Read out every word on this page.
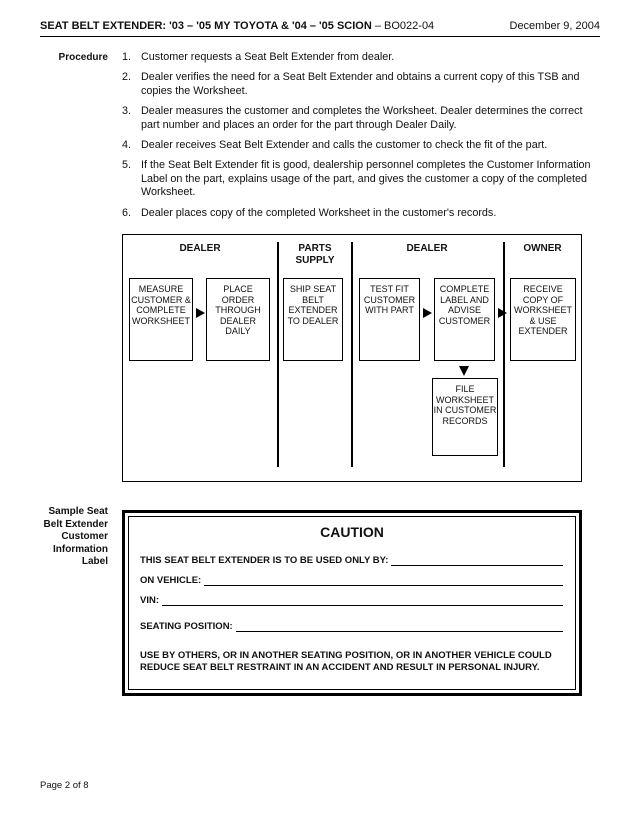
SEAT BELT EXTENDER: '03 – '05 MY TOYOTA & '04 – '05 SCION – BO022-04	December 9, 2004
Procedure 1. Customer requests a Seat Belt Extender from dealer.
2. Dealer verifies the need for a Seat Belt Extender and obtains a current copy of this TSB and copies the Worksheet.
3. Dealer measures the customer and completes the Worksheet. Dealer determines the correct part number and places an order for the part through Dealer Daily.
4. Dealer receives Seat Belt Extender and calls the customer to check the fit of the part.
5. If the Seat Belt Extender fit is good, dealership personnel completes the Customer Information Label on the part, explains usage of the part, and gives the customer a copy of the completed Worksheet.
6. Dealer places copy of the completed Worksheet in the customer's records.
DEALER	PARTS SUPPLY
DEALER	OWNER
MEASURE CUSTOMER & COMPLETE WORKSHEET
PLACE ORDER THROUGH DEALER DAILY
SHIP SEAT BELT EXTENDER TO DEALER
TEST FIT CUSTOMER WITH PART
COMPLETE LABEL AND ADVISE CUSTOMER
RECEIVE COPY OF WORKSHEET & USE EXTENDER
FILE WORKSHEET IN CUSTOMER RECORDS
Sample Seat Belt Extender Customer Information Label
CAUTION
THIS SEAT BELT EXTENDER IS TO BE USED ONLY BY:
ON VEHICLE:
VIN:
SEATING POSITION:
USE BY OTHERS, OR IN ANOTHER SEATING POSITION, OR IN ANOTHER VEHICLE COULD REDUCE SEAT BELT RESTRAINT IN AN ACCIDENT AND RESULT IN PERSONAL INJURY.
Page 2 of 8
